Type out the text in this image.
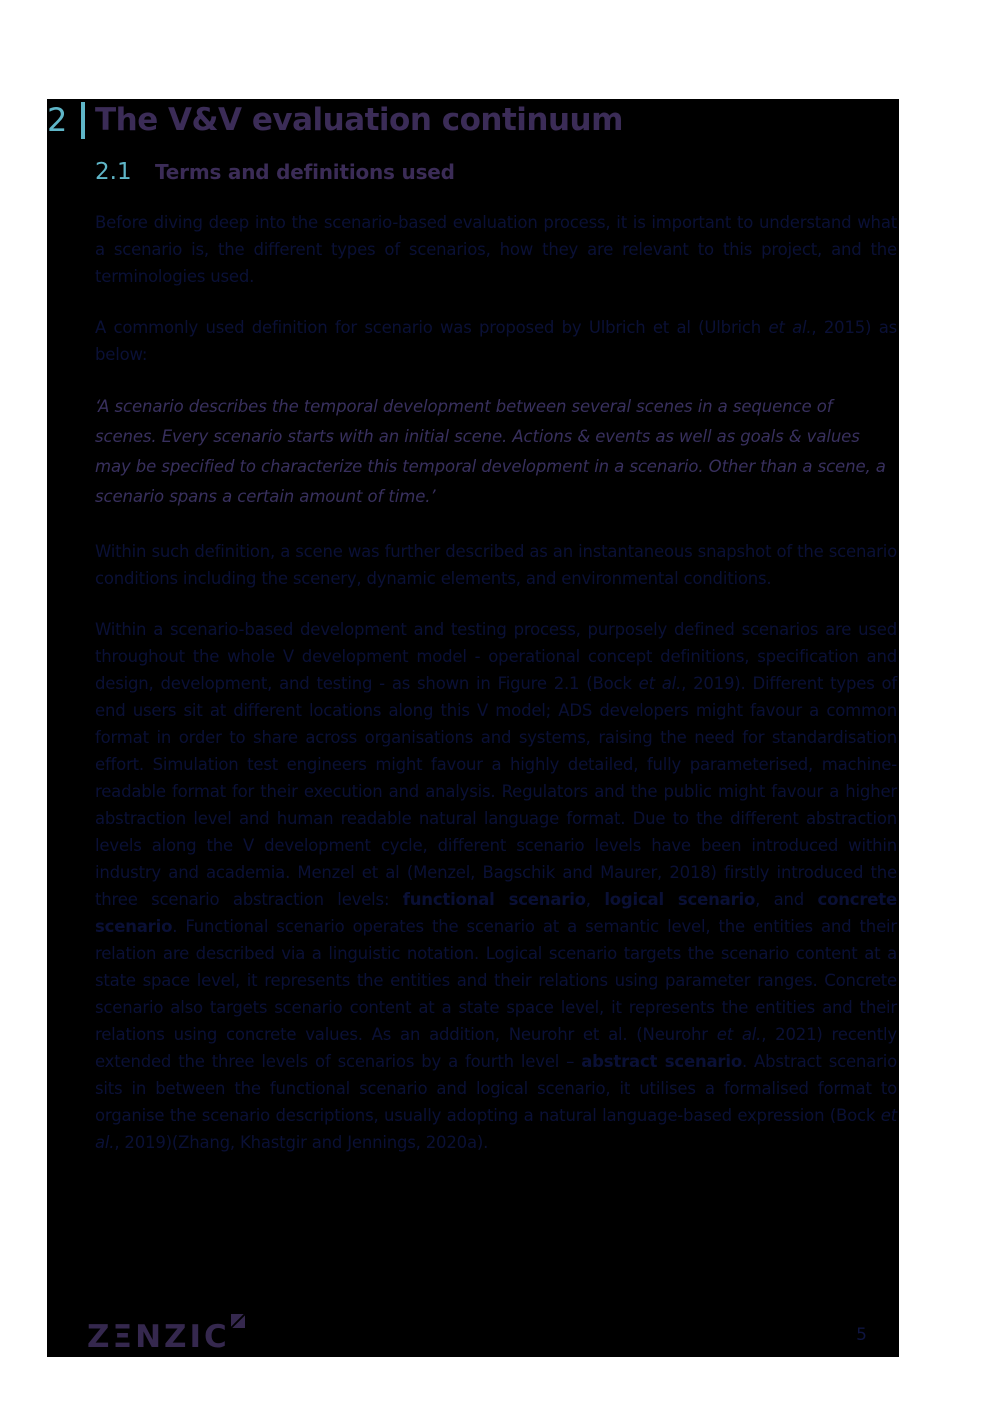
2 The V&V evaluation continuum
2.1	Terms and definitions used

Before diving deep into the scenario-based evaluation process, it is important to understand what a scenario is, the different types of scenarios, how they are relevant to this project, and the terminologies used.

A commonly used definition for scenario was proposed by Ulbrich et al (Ulbrich et al., 2015) as below:

‘A scenario describes the temporal development between several scenes in a sequence of scenes. Every scenario starts with an initial scene. Actions & events as well as goals & values may be specified to characterize this temporal development in a scenario. Other than a scene, a scenario spans a certain amount of time.’

Within such definition, a scene was further described as an instantaneous snapshot of the scenario conditions including the scenery, dynamic elements, and environmental conditions.

Within a scenario-based development and testing process, purposely defined scenarios are used throughout the whole V development model - operational concept definitions, specification and design, development, and testing - as shown in Figure 2.1 (Bock et al., 2019). Different types of end users sit at different locations along this V model; ADS developers might favour a common format in order to share across organisations and systems, raising the need for standardisation effort. Simulation test engineers might favour a highly detailed, fully parameterised, machine-readable format for their execution and analysis. Regulators and the public might favour a higher abstraction level and human readable natural language format. Due to the different abstraction levels along the V development cycle, different scenario levels have been introduced within industry and academia. Menzel et al (Menzel, Bagschik and Maurer, 2018) firstly introduced the three scenario abstraction levels: functional scenario, logical scenario, and concrete scenario. Functional scenario operates the scenario at a semantic level, the entities and their relation are described via a linguistic notation. Logical scenario targets the scenario content at a state space level, it represents the entities and their relations using parameter ranges. Concrete scenario also targets scenario content at a state space level, it represents the entities and their relations using concrete values. As an addition, Neurohr et al. (Neurohr et al., 2021) recently extended the three levels of scenarios by a fourth level – abstract scenario. Abstract scenario sits in between the functional scenario and logical scenario, it utilises a formalised format to organise the scenario descriptions, usually adopting a natural language-based expression (Bock et al., 2019)(Zhang, Khastgir and Jennings, 2020a).

ZΞNZIC	5
